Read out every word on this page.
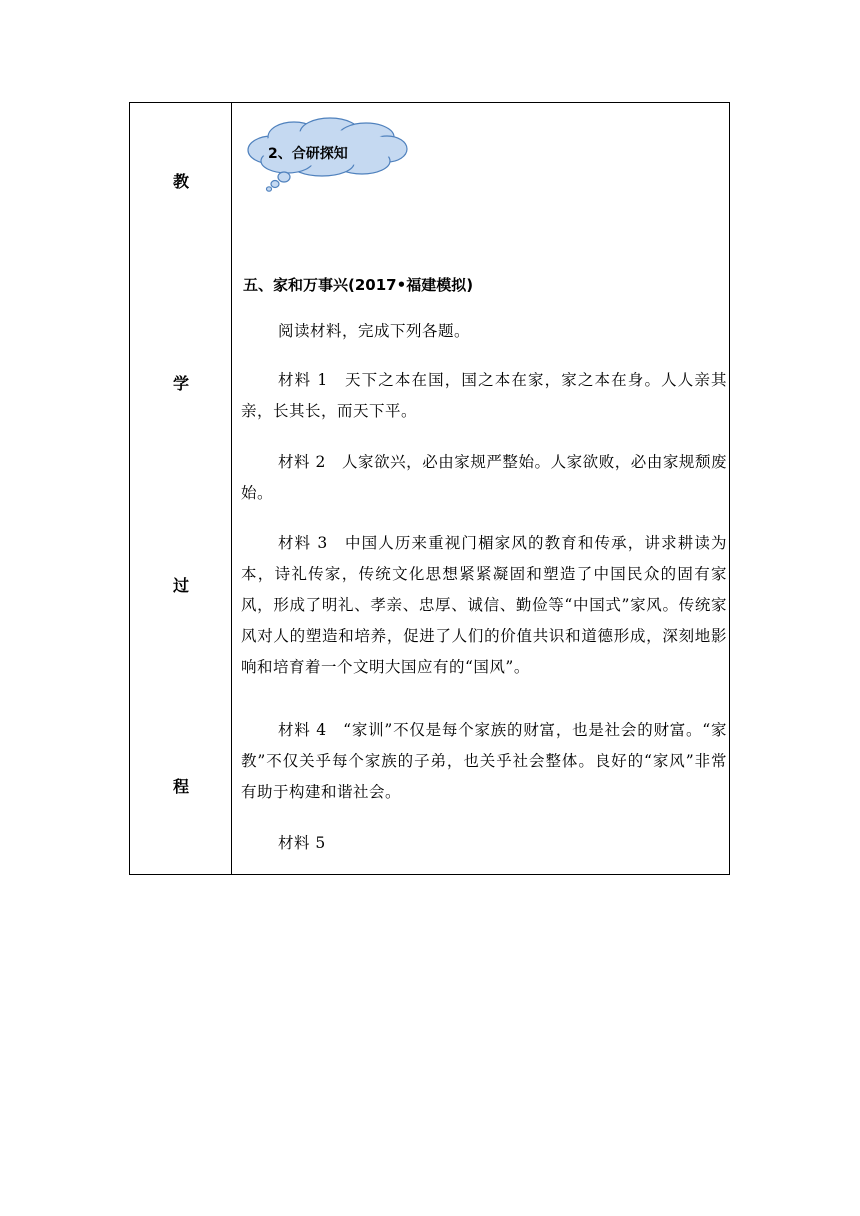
教
学
过
程
2、合研探知
五、家和万事兴(2017•福建模拟)

阅读材料，完成下列各题。

材料 1　天下之本在国，国之本在家，家之本在身。人人亲其亲，长其长，而天下平。

材料 2　人家欲兴，必由家规严整始。人家欲败，必由家规颓废始。

材料 3　中国人历来重视门楣家风的教育和传承，讲求耕读为本，诗礼传家，传统文化思想紧紧凝固和塑造了中国民众的固有家风，形成了明礼、孝亲、忠厚、诚信、勤俭等“中国式”家风。传统家风对人的塑造和培养，促进了人们的价值共识和道德形成，深刻地影响和培育着一个文明大国应有的“国风”。

材料 4　“家训”不仅是每个家族的财富，也是社会的财富。“家教”不仅关乎每个家族的子弟，也关乎社会整体。良好的“家风”非常有助于构建和谐社会。

材料 5
